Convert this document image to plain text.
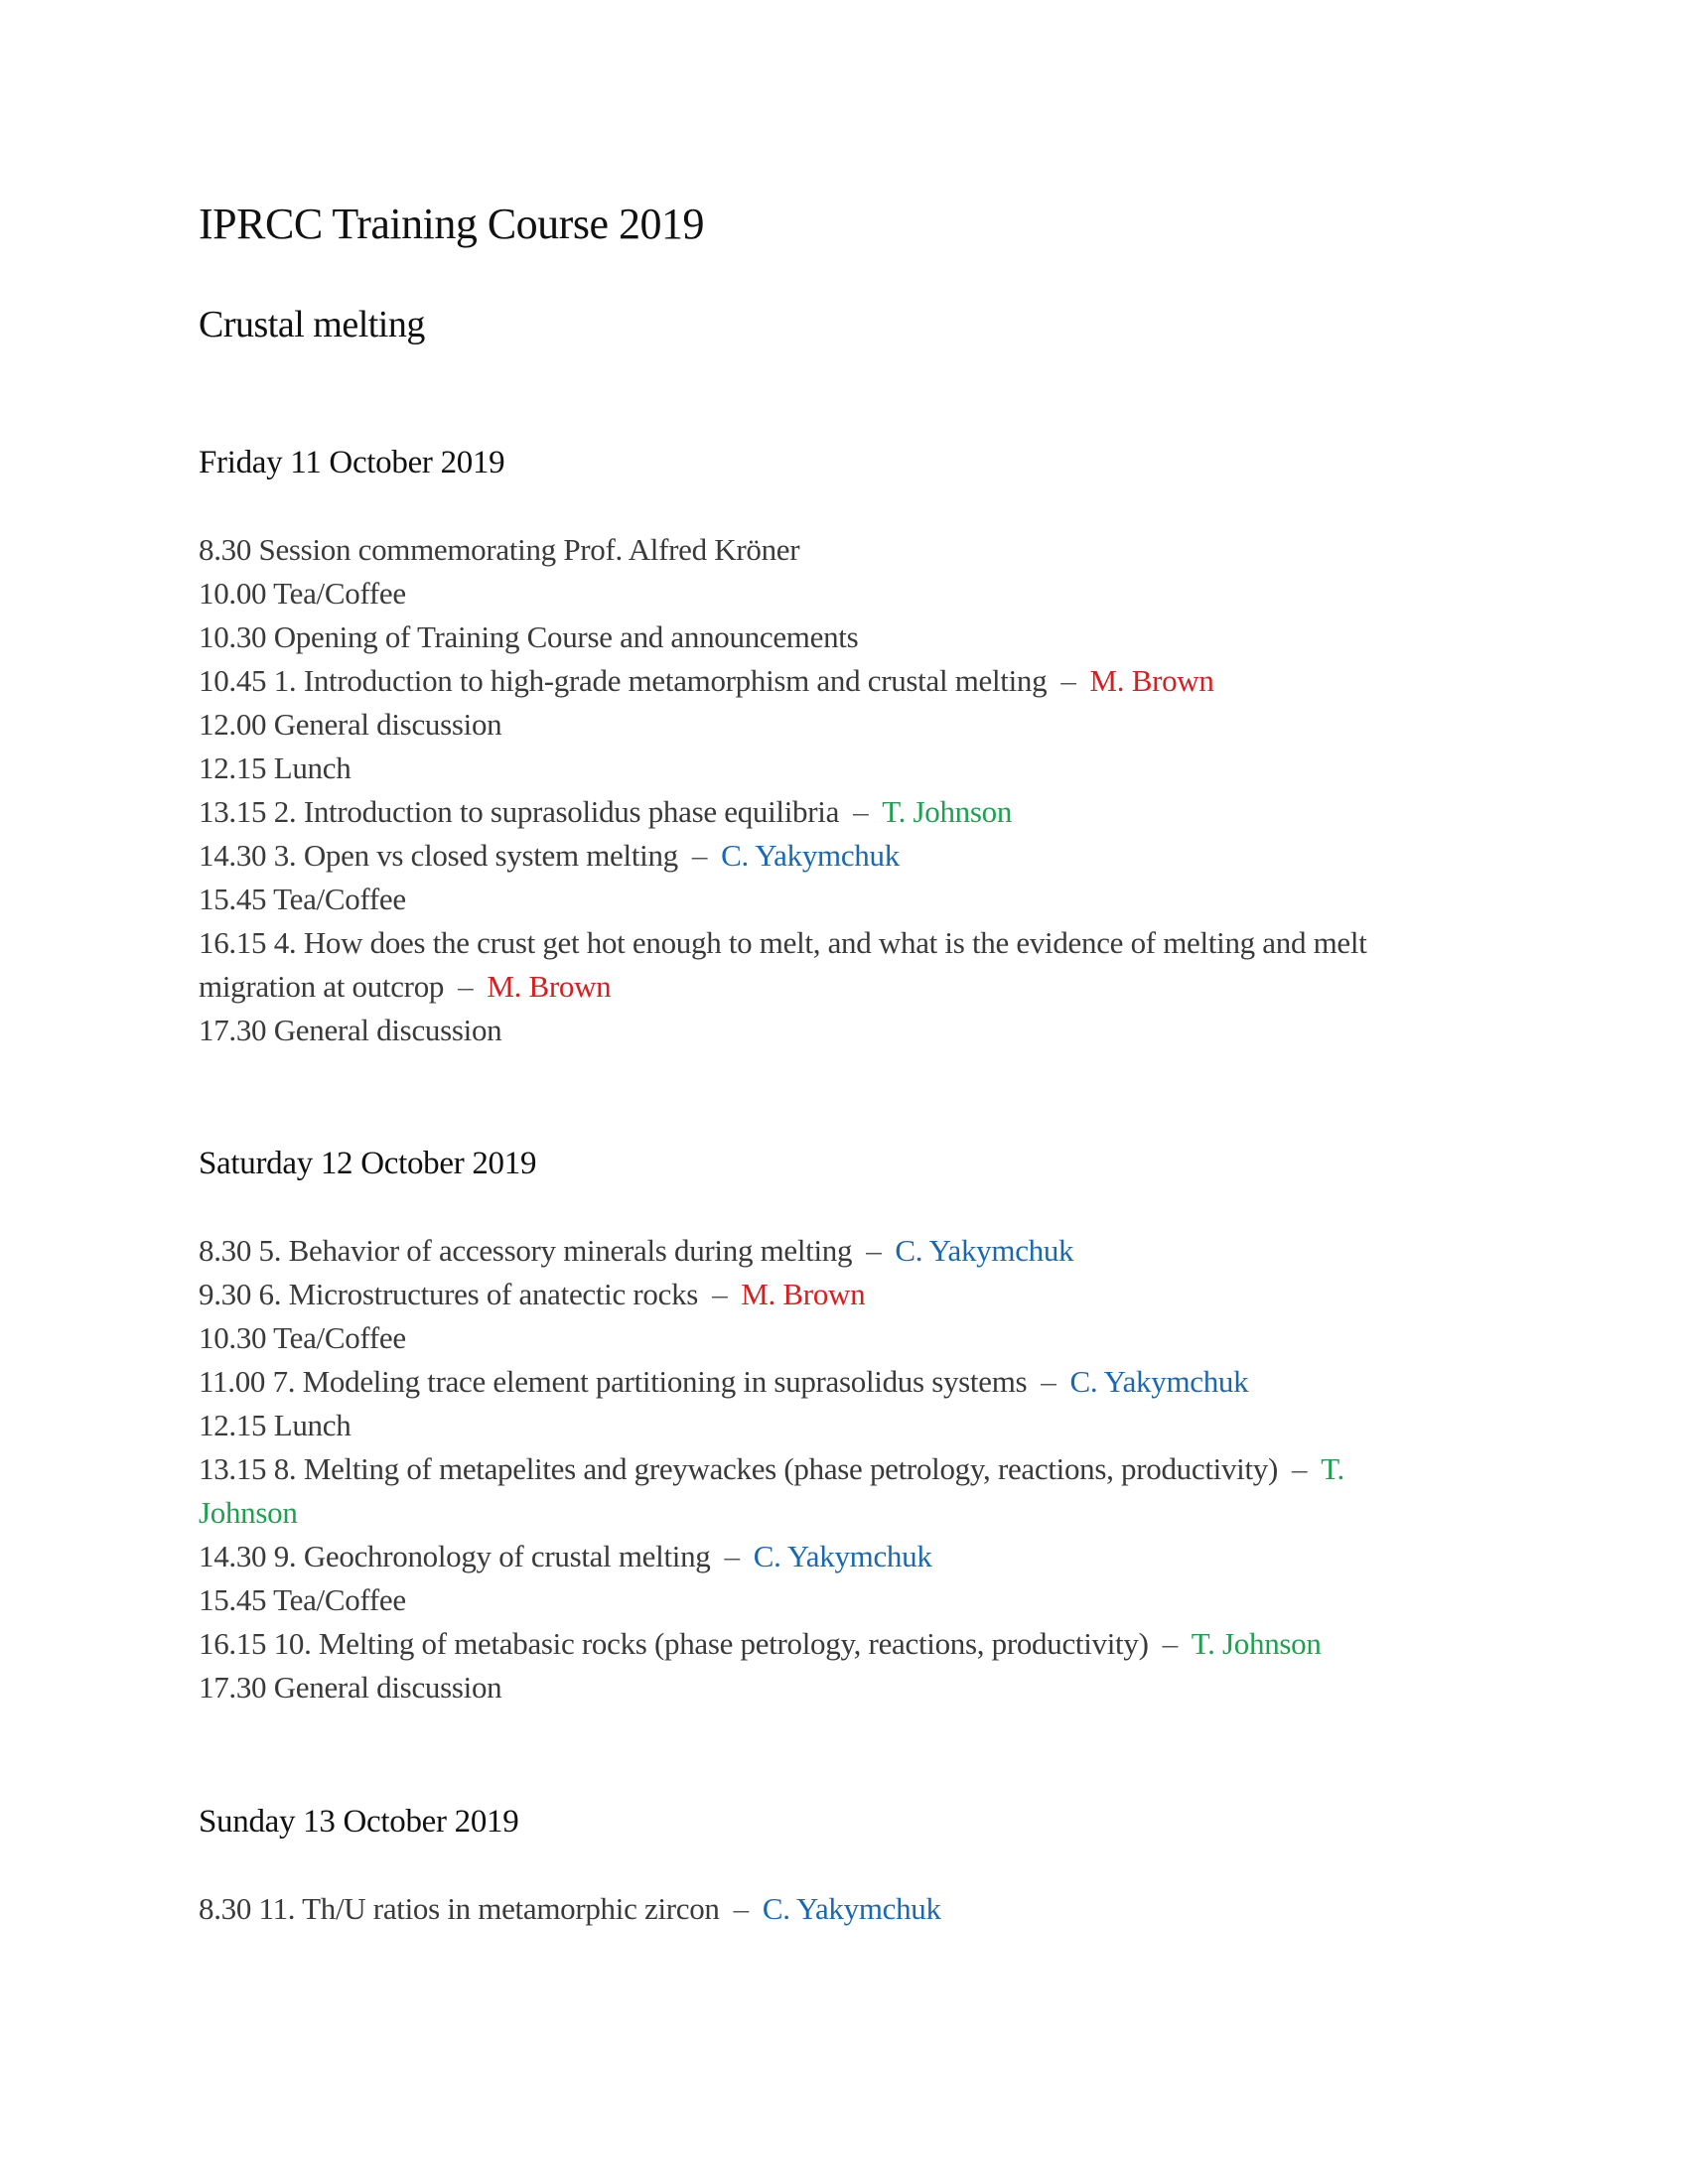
IPRCC Training Course 2019
Crustal melting
Friday 11 October 2019
8.30 Session commemorating Prof. Alfred Kröner
10.00 Tea/Coffee
10.30 Opening of Training Course and announcements
10.45 1. Introduction to high-grade metamorphism and crustal melting – M. Brown
12.00 General discussion
12.15 Lunch
13.15 2. Introduction to suprasolidus phase equilibria – T. Johnson
14.30 3. Open vs closed system melting – C. Yakymchuk
15.45 Tea/Coffee
16.15 4. How does the crust get hot enough to melt, and what is the evidence of melting and melt migration at outcrop – M. Brown
17.30 General discussion
Saturday 12 October 2019
8.30 5. Behavior of accessory minerals during melting – C. Yakymchuk
9.30 6. Microstructures of anatectic rocks – M. Brown
10.30 Tea/Coffee
11.00 7. Modeling trace element partitioning in suprasolidus systems – C. Yakymchuk
12.15 Lunch
13.15 8. Melting of metapelites and greywackes (phase petrology, reactions, productivity) – T. Johnson
14.30 9. Geochronology of crustal melting – C. Yakymchuk
15.45 Tea/Coffee
16.15 10. Melting of metabasic rocks (phase petrology, reactions, productivity) – T. Johnson
17.30 General discussion
Sunday 13 October 2019
8.30 11. Th/U ratios in metamorphic zircon – C. Yakymchuk
